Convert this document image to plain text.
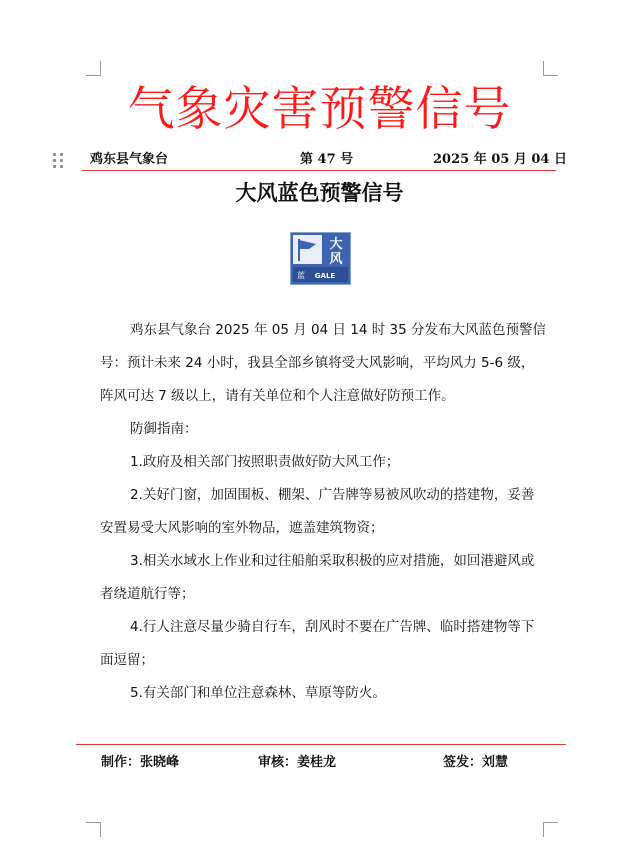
气象灾害预警信号
鸡东县气象台	第 47 号	2025 年 05 月 04 日
大风蓝色预警信号
大
风
蓝 GALE

鸡东县气象台 2025 年 05 月 04 日 14 时 35 分发布大风蓝色预警信号：预计未来 24 小时，我县全部乡镇将受大风影响，平均风力 5-6 级，阵风可达 7 级以上，请有关单位和个人注意做好防预工作。

防御指南：

1.政府及相关部门按照职责做好防大风工作；

2.关好门窗，加固围板、棚架、广告牌等易被风吹动的搭建物，妥善安置易受大风影响的室外物品，遮盖建筑物资；

3.相关水域水上作业和过往船舶采取积极的应对措施，如回港避风或者绕道航行等；

4.行人注意尽量少骑自行车，刮风时不要在广告牌、临时搭建物等下面逗留；

5.有关部门和单位注意森林、草原等防火。

制作：张晓峰	审核：姜桂龙	签发：刘慧
